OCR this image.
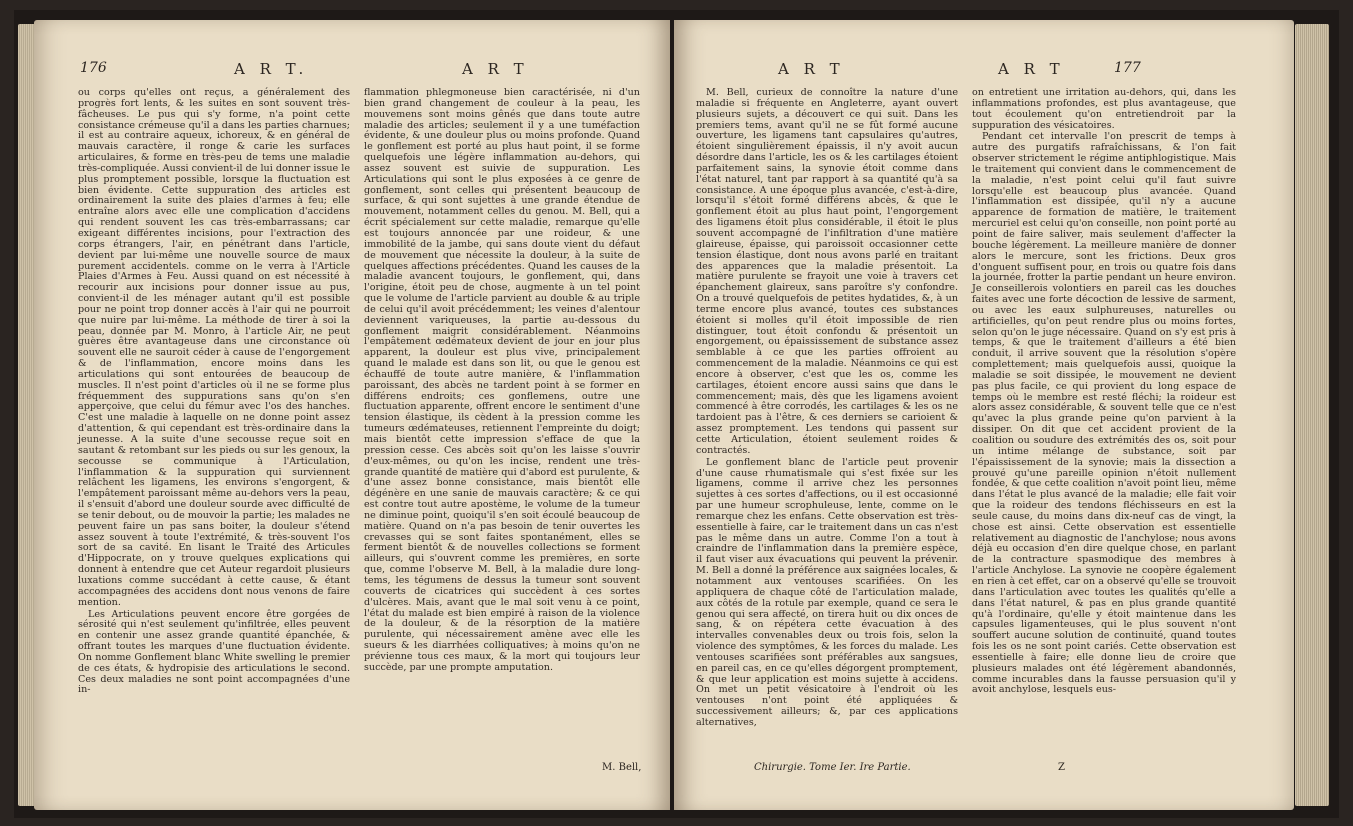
176	A R T.	A R T

ou corps qu'elles ont reçus, a généralement des progrès fort lents, & les suites en sont souvent très-fâcheuses. Le pus qui s'y forme, n'a point cette consistance crémeuse qu'il a dans les parties charnues; il est au contraire aqueux, ichoreux, & en général de mauvais caractère, il ronge & carie les surfaces articulaires, & forme en très-peu de tems une maladie très-compliquée. Aussi convient-il de lui donner issue le plus promptement possible, lorsque la fluctuation est bien évidente. Cette suppuration des articles est ordinairement la suite des plaies d'armes à feu; elle entraîne alors avec elle une complication d'accidens qui rendent souvent les cas très-embarrassans; car exigeant différentes incisions, pour l'extraction des corps étrangers, l'air, en pénétrant dans l'article, devient par lui-même une nouvelle source de maux purement accidentels. comme on le verra à l'Article Plaies d'Armes à Feu. Aussi quand on est nécessité à recourir aux incisions pour donner issue au pus, convient-il de les ménager autant qu'il est possible pour ne point trop donner accès à l'air qui ne pourroit que nuire par lui-même. La méthode de tirer à soi la peau, donnée par M. Monro, à l'article Air, ne peut guères être avantageuse dans une circonstance où souvent elle ne sauroit céder à cause de l'engorgement & de l'inflammation, encore moins dans les articulations qui sont entourées de beaucoup de muscles. Il n'est point d'articles où il ne se forme plus fréquemment des suppurations sans qu'on s'en apperçoive, que celui du fémur avec l'os des hanches. C'est une maladie à laquelle on ne donne point assez d'attention, & qui cependant est très-ordinaire dans la jeunesse. A la suite d'une secousse reçue soit en sautant & retombant sur les pieds ou sur les genoux, la secousse se communique à l'Articulation, l'inflammation & la suppuration qui surviennent relâchent les ligamens, les environs s'engorgent, & l'empâtement paroissant même au-dehors vers la peau, il s'ensuit d'abord une douleur sourde avec difficulté de se tenir debout, ou de mouvoir la partie; les malades ne peuvent faire un pas sans boiter, la douleur s'étend assez souvent à toute l'extrémité, & très-souvent l'os sort de sa cavité. En lisant le Traité des Articules d'Hippocrate, on y trouve quelques explications qui donnent à entendre que cet Auteur regardoit plusieurs luxations comme succédant à cette cause, & étant accompagnées des accidens dont nous venons de faire mention.

Les Articulations peuvent encore être gorgées de sérosité qui n'est seulement qu'infiltrée, elles peuvent en contenir une assez grande quantité épanchée, & offrant toutes les marques d'une fluctuation évidente. On nomme Gonflement blanc White swelling le premier de ces états, & hydropisie des articulations le second. Ces deux maladies ne sont point accompagnées d'une in-

flammation phlegmoneuse bien caractérisée, ni d'un bien grand changement de couleur à la peau, les mouvemens sont moins gênés que dans toute autre maladie des articles; seulement il y a une tuméfaction évidente, & une douleur plus ou moins profonde. Quand le gonflement est porté au plus haut point, il se forme quelquefois une légère inflammation au-dehors, qui assez souvent est suivie de suppuration. Les Articulations qui sont le plus exposées à ce genre de gonflement, sont celles qui présentent beaucoup de surface, & qui sont sujettes à une grande étendue de mouvement, notamment celles du genou. M. Bell, qui a écrit spécialement sur cette maladie, remarque qu'elle est toujours annoncée par une roideur, & une immobilité de la jambe, qui sans doute vient du défaut de mouvement que nécessite la douleur, à la suite de quelques affections précédentes. Quand les causes de la maladie avancent toujours, le gonflement, qui, dans l'origine, étoit peu de chose, augmente à un tel point que le volume de l'article parvient au double & au triple de celui qu'il avoit précédemment; les veines d'alentour deviennent variqueuses, la partie au-dessous du gonflement maigrit considérablement. Néanmoins l'empâtement œdémateux devient de jour en jour plus apparent, la douleur est plus vive, principalement quand le malade est dans son lit, ou que le genou est échauffé de toute autre manière, & l'inflammation paroissant, des abcès ne tardent point à se former en différens endroits; ces gonflemens, outre une fluctuation apparente, offrent encore le sentiment d'une tension élastique, ils cèdent à la pression comme les tumeurs œdémateuses, retiennent l'empreinte du doigt; mais bientôt cette impression s'efface de que la pression cesse. Ces abcès soit qu'on les laisse s'ouvrir d'eux-mêmes, ou qu'on les incise, rendent une très-grande quantité de matière qui d'abord est purulente, & d'une assez bonne consistance, mais bientôt elle dégénère en une sanie de mauvais caractère; & ce qui est contre tout autre apostème, le volume de la tumeur ne diminue point, quoiqu'il s'en soit écoulé beaucoup de matière. Quand on n'a pas besoin de tenir ouvertes les crevasses qui se sont faites spontanément, elles se ferment bientôt & de nouvelles collections se forment ailleurs, qui s'ouvrent comme les premières, en sorte que, comme l'observe M. Bell, à la maladie dure long-tems, les tégumens de dessus la tumeur sont souvent couverts de cicatrices qui succèdent à ces sortes d'ulcères. Mais, avant que le mal soit venu à ce point, l'état du malade est bien empiré à raison de la violence de la douleur, & de la résorption de la matière purulente, qui nécessairement amène avec elle les sueurs & les diarrhées colliquatives; à moins qu'on ne prévienne tous ces maux, & la mort qui toujours leur succède, par une prompte amputation.

M. Bell,
A R T	A R T	177

M. Bell, curieux de connoître la nature d'une maladie si fréquente en Angleterre, ayant ouvert plusieurs sujets, a découvert ce qui suit. Dans les premiers tems, avant qu'il ne se fût formé aucune ouverture, les ligamens tant capsulaires qu'autres, étoient singulièrement épaissis, il n'y avoit aucun désordre dans l'article, les os & les cartilages étoient parfaitement sains, la synovie étoit comme dans l'état naturel, tant par rapport à sa quantité qu'à sa consistance. A une époque plus avancée, c'est-à-dire, lorsqu'il s'étoit formé différens abcès, & que le gonflement étoit au plus haut point, l'engorgement des ligamens étoit plus considérable, il étoit le plus souvent accompagné de l'infiltration d'une matière glaireuse, épaisse, qui paroissoit occasionner cette tension élastique, dont nous avons parlé en traitant des apparences que la maladie présentoit. La matière purulente se frayoit une voie à travers cet épanchement glaireux, sans paroître s'y confondre. On a trouvé quelquefois de petites hydatides, &, à un terme encore plus avancé, toutes ces substances étoient si molles qu'il étoit impossible de rien distinguer, tout étoit confondu & présentoit un engorgement, ou épaississement de substance assez semblable à ce que les parties offroient au commencement de la maladie. Néanmoins ce qui est encore à observer, c'est que les os, comme les cartilages, étoient encore aussi sains que dans le commencement; mais, dès que les ligamens avoient commencé à être corrodés, les cartilages & les os ne tardoient pas à l'être, & ces derniers se carioient & assez promptement. Les tendons qui passent sur cette Articulation, étoient seulement roides & contractés.

Le gonflement blanc de l'article peut provenir d'une cause rhumatismale qui s'est fixée sur les ligamens, comme il arrive chez les personnes sujettes à ces sortes d'affections, ou il est occasionné par une humeur scrophuleuse, lente, comme on le remarque chez les enfans. Cette observation est très-essentielle à faire, car le traitement dans un cas n'est pas le même dans un autre. Comme l'on a tout à craindre de l'inflammation dans la première espèce, il faut viser aux évacuations qui peuvent la prévenir. M. Bell a donné la préférence aux saignées locales, & notamment aux ventouses scarifiées. On les appliquera de chaque côté de l'articulation malade, aux côtés de la rotule par exemple, quand ce sera le genou qui sera affecté, on tirera huit ou dix onces de sang, & on répétera cette évacuation à des intervalles convenables deux ou trois fois, selon la violence des symptômes, & les forces du malade. Les ventouses scarifiées sont préférables aux sangsues, en pareil cas, en ce qu'elles dégorgent promptement, & que leur application est moins sujette à accidens. On met un petit vésicatoire à l'endroit où les ventouses n'ont point été appliquées & successivement ailleurs; &, par ces applications alternatives,

on entretient une irritation au-dehors, qui, dans les inflammations profondes, est plus avantageuse, que tout écoulement qu'on entretiendroit par la suppuration des vésicatoires.

Pendant cet intervalle l'on prescrit de temps à autre des purgatifs rafraîchissans, & l'on fait observer strictement le régime antiphlogistique. Mais le traitement qui convient dans le commencement de la maladie, n'est point celui qu'il faut suivre lorsqu'elle est beaucoup plus avancée. Quand l'inflammation est dissipée, qu'il n'y a aucune apparence de formation de matière, le traitement mercuriel est celui qu'on conseille, non point porté au point de faire saliver, mais seulement d'affecter la bouche légèrement. La meilleure manière de donner alors le mercure, sont les frictions. Deux gros d'onguent suffisent pour, en trois ou quatre fois dans la journée, frotter la partie pendant un heure environ. Je conseillerois volontiers en pareil cas les douches faites avec une forte décoction de lessive de sarment, ou avec les eaux sulphureuses, naturelles ou artificielles, qu'on peut rendre plus ou moins fortes, selon qu'on le juge nécessaire. Quand on s'y est pris à temps, & que le traitement d'ailleurs a été bien conduit, il arrive souvent que la résolution s'opère complettement; mais quelquefois aussi, quoique la maladie se soit dissipée, le mouvement ne devient pas plus facile, ce qui provient du long espace de temps où le membre est resté fléchi; la roideur est alors assez considérable, & souvent telle que ce n'est qu'avec la plus grande peine qu'on parvient à la dissiper. On dit que cet accident provient de la coalition ou soudure des extrémités des os, soit pour un intime mélange de substance, soit par l'épaississement de la synovie; mais la dissection a prouvé qu'une pareille opinion n'étoit nullement fondée, & que cette coalition n'avoit point lieu, même dans l'état le plus avancé de la maladie; elle fait voir que la roideur des tendons fléchisseurs en est la seule cause, du moins dans dix-neuf cas de vingt, la chose est ainsi. Cette observation est essentielle relativement au diagnostic de l'anchylose; nous avons déjà eu occasion d'en dire quelque chose, en parlant de la contracture spasmodique des membres à l'article Anchylose. La synovie ne coopère également en rien à cet effet, car on a observé qu'elle se trouvoit dans l'articulation avec toutes les qualités qu'elle a dans l'état naturel, & pas en plus grande quantité qu'à l'ordinaire, qu'elle y étoit maintenue dans les capsules ligamenteuses, qui le plus souvent n'ont souffert aucune solution de continuité, quand toutes fois les os ne sont point cariés. Cette observation est essentielle à faire; elle donne lieu de croire que plusieurs malades ont été légèrement abandonnés, comme incurables dans la fausse persuasion qu'il y avoit anchylose, lesquels eus-

Chirurgie. Tome Ier. Ire Partie.	Z
